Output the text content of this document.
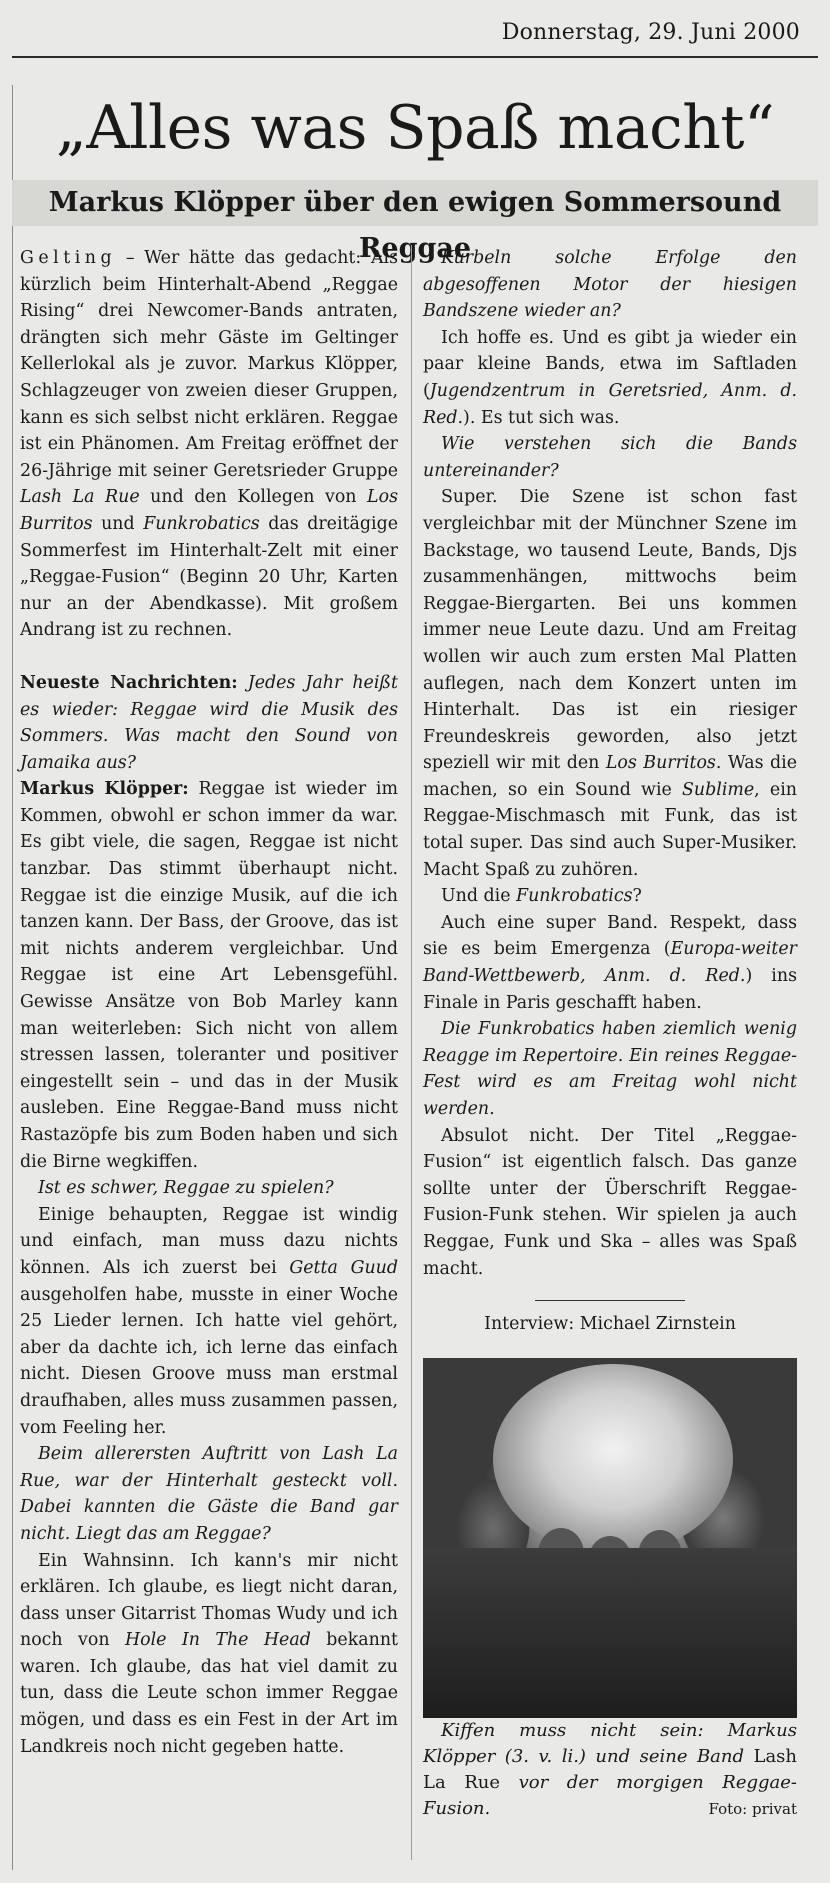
Donnerstag, 29. Juni 2000
„Alles was Spaß macht“
Markus Klöpper über den ewigen Sommersound Reggae

Gelting – Wer hätte das gedacht: Als kürzlich beim Hinterhalt-Abend „Reggae Rising“ drei Newcomer-Bands antraten, drängten sich mehr Gäste im Geltinger Kellerlokal als je zuvor. Markus Klöpper, Schlagzeuger von zweien dieser Gruppen, kann es sich selbst nicht erklären. Reggae ist ein Phänomen. Am Freitag eröffnet der 26-Jährige mit seiner Geretsrieder Gruppe Lash La Rue und den Kollegen von Los Burritos und Funkrobatics das dreitägige Sommerfest im Hinterhalt-Zelt mit einer „Reggae-Fusion“ (Beginn 20 Uhr, Karten nur an der Abendkasse). Mit großem Andrang ist zu rechnen.

Neueste Nachrichten: Jedes Jahr heißt es wieder: Reggae wird die Musik des Sommers. Was macht den Sound von Jamaika aus?

Markus Klöpper: Reggae ist wieder im Kommen, obwohl er schon immer da war. Es gibt viele, die sagen, Reggae ist nicht tanzbar. Das stimmt überhaupt nicht. Reggae ist die einzige Musik, auf die ich tanzen kann. Der Bass, der Groove, das ist mit nichts anderem vergleichbar. Und Reggae ist eine Art Lebensgefühl. Gewisse Ansätze von Bob Marley kann man weiterleben: Sich nicht von allem stressen lassen, toleranter und positiver eingestellt sein – und das in der Musik ausleben. Eine Reggae-Band muss nicht Rastazöpfe bis zum Boden haben und sich die Birne wegkiffen.

Ist es schwer, Reggae zu spielen?

Einige behaupten, Reggae ist windig und einfach, man muss dazu nichts können. Als ich zuerst bei Getta Guud ausgeholfen habe, musste in einer Woche 25 Lieder lernen. Ich hatte viel gehört, aber da dachte ich, ich lerne das einfach nicht. Diesen Groove muss man erstmal draufhaben, alles muss zusammen passen, vom Feeling her.

Beim allerersten Auftritt von Lash La Rue, war der Hinterhalt gesteckt voll. Dabei kannten die Gäste die Band gar nicht. Liegt das am Reggae?

Ein Wahnsinn. Ich kann's mir nicht erklären. Ich glaube, es liegt nicht daran, dass unser Gitarrist Thomas Wudy und ich noch von Hole In The Head bekannt waren. Ich glaube, das hat viel damit zu tun, dass die Leute schon immer Reggae mögen, und dass es ein Fest in der Art im Landkreis noch nicht gegeben hatte.

Kurbeln solche Erfolge den abgesoffenen Motor der hiesigen Bandszene wieder an?

Ich hoffe es. Und es gibt ja wieder ein paar kleine Bands, etwa im Saftladen (Jugendzentrum in Geretsried, Anm. d. Red.). Es tut sich was.

Wie verstehen sich die Bands untereinander?

Super. Die Szene ist schon fast vergleichbar mit der Münchner Szene im Backstage, wo tausend Leute, Bands, Djs zusammenhängen, mittwochs beim Reggae-Biergarten. Bei uns kommen immer neue Leute dazu. Und am Freitag wollen wir auch zum ersten Mal Platten auflegen, nach dem Konzert unten im Hinterhalt. Das ist ein riesiger Freundeskreis geworden, also jetzt speziell wir mit den Los Burritos. Was die machen, so ein Sound wie Sublime, ein Reggae-Mischmasch mit Funk, das ist total super. Das sind auch Super-Musiker. Macht Spaß zu zuhören.

Und die Funkrobatics?

Auch eine super Band. Respekt, dass sie es beim Emergenza (Europa-weiter Band-Wettbewerb, Anm. d. Red.) ins Finale in Paris geschafft haben.

Die Funkrobatics haben ziemlich wenig Reagge im Repertoire. Ein reines Reggae-Fest wird es am Freitag wohl nicht werden.

Absulot nicht. Der Titel „Reggae-Fusion“ ist eigentlich falsch. Das ganze sollte unter der Überschrift Reggae-Fusion-Funk stehen. Wir spielen ja auch Reggae, Funk und Ska – alles was Spaß macht.

Interview: Michael Zirnstein

Kiffen muss nicht sein: Markus Klöpper (3. v. li.) und seine Band Lash La Rue vor der morgigen Reggae-Fusion.	Foto: privat
